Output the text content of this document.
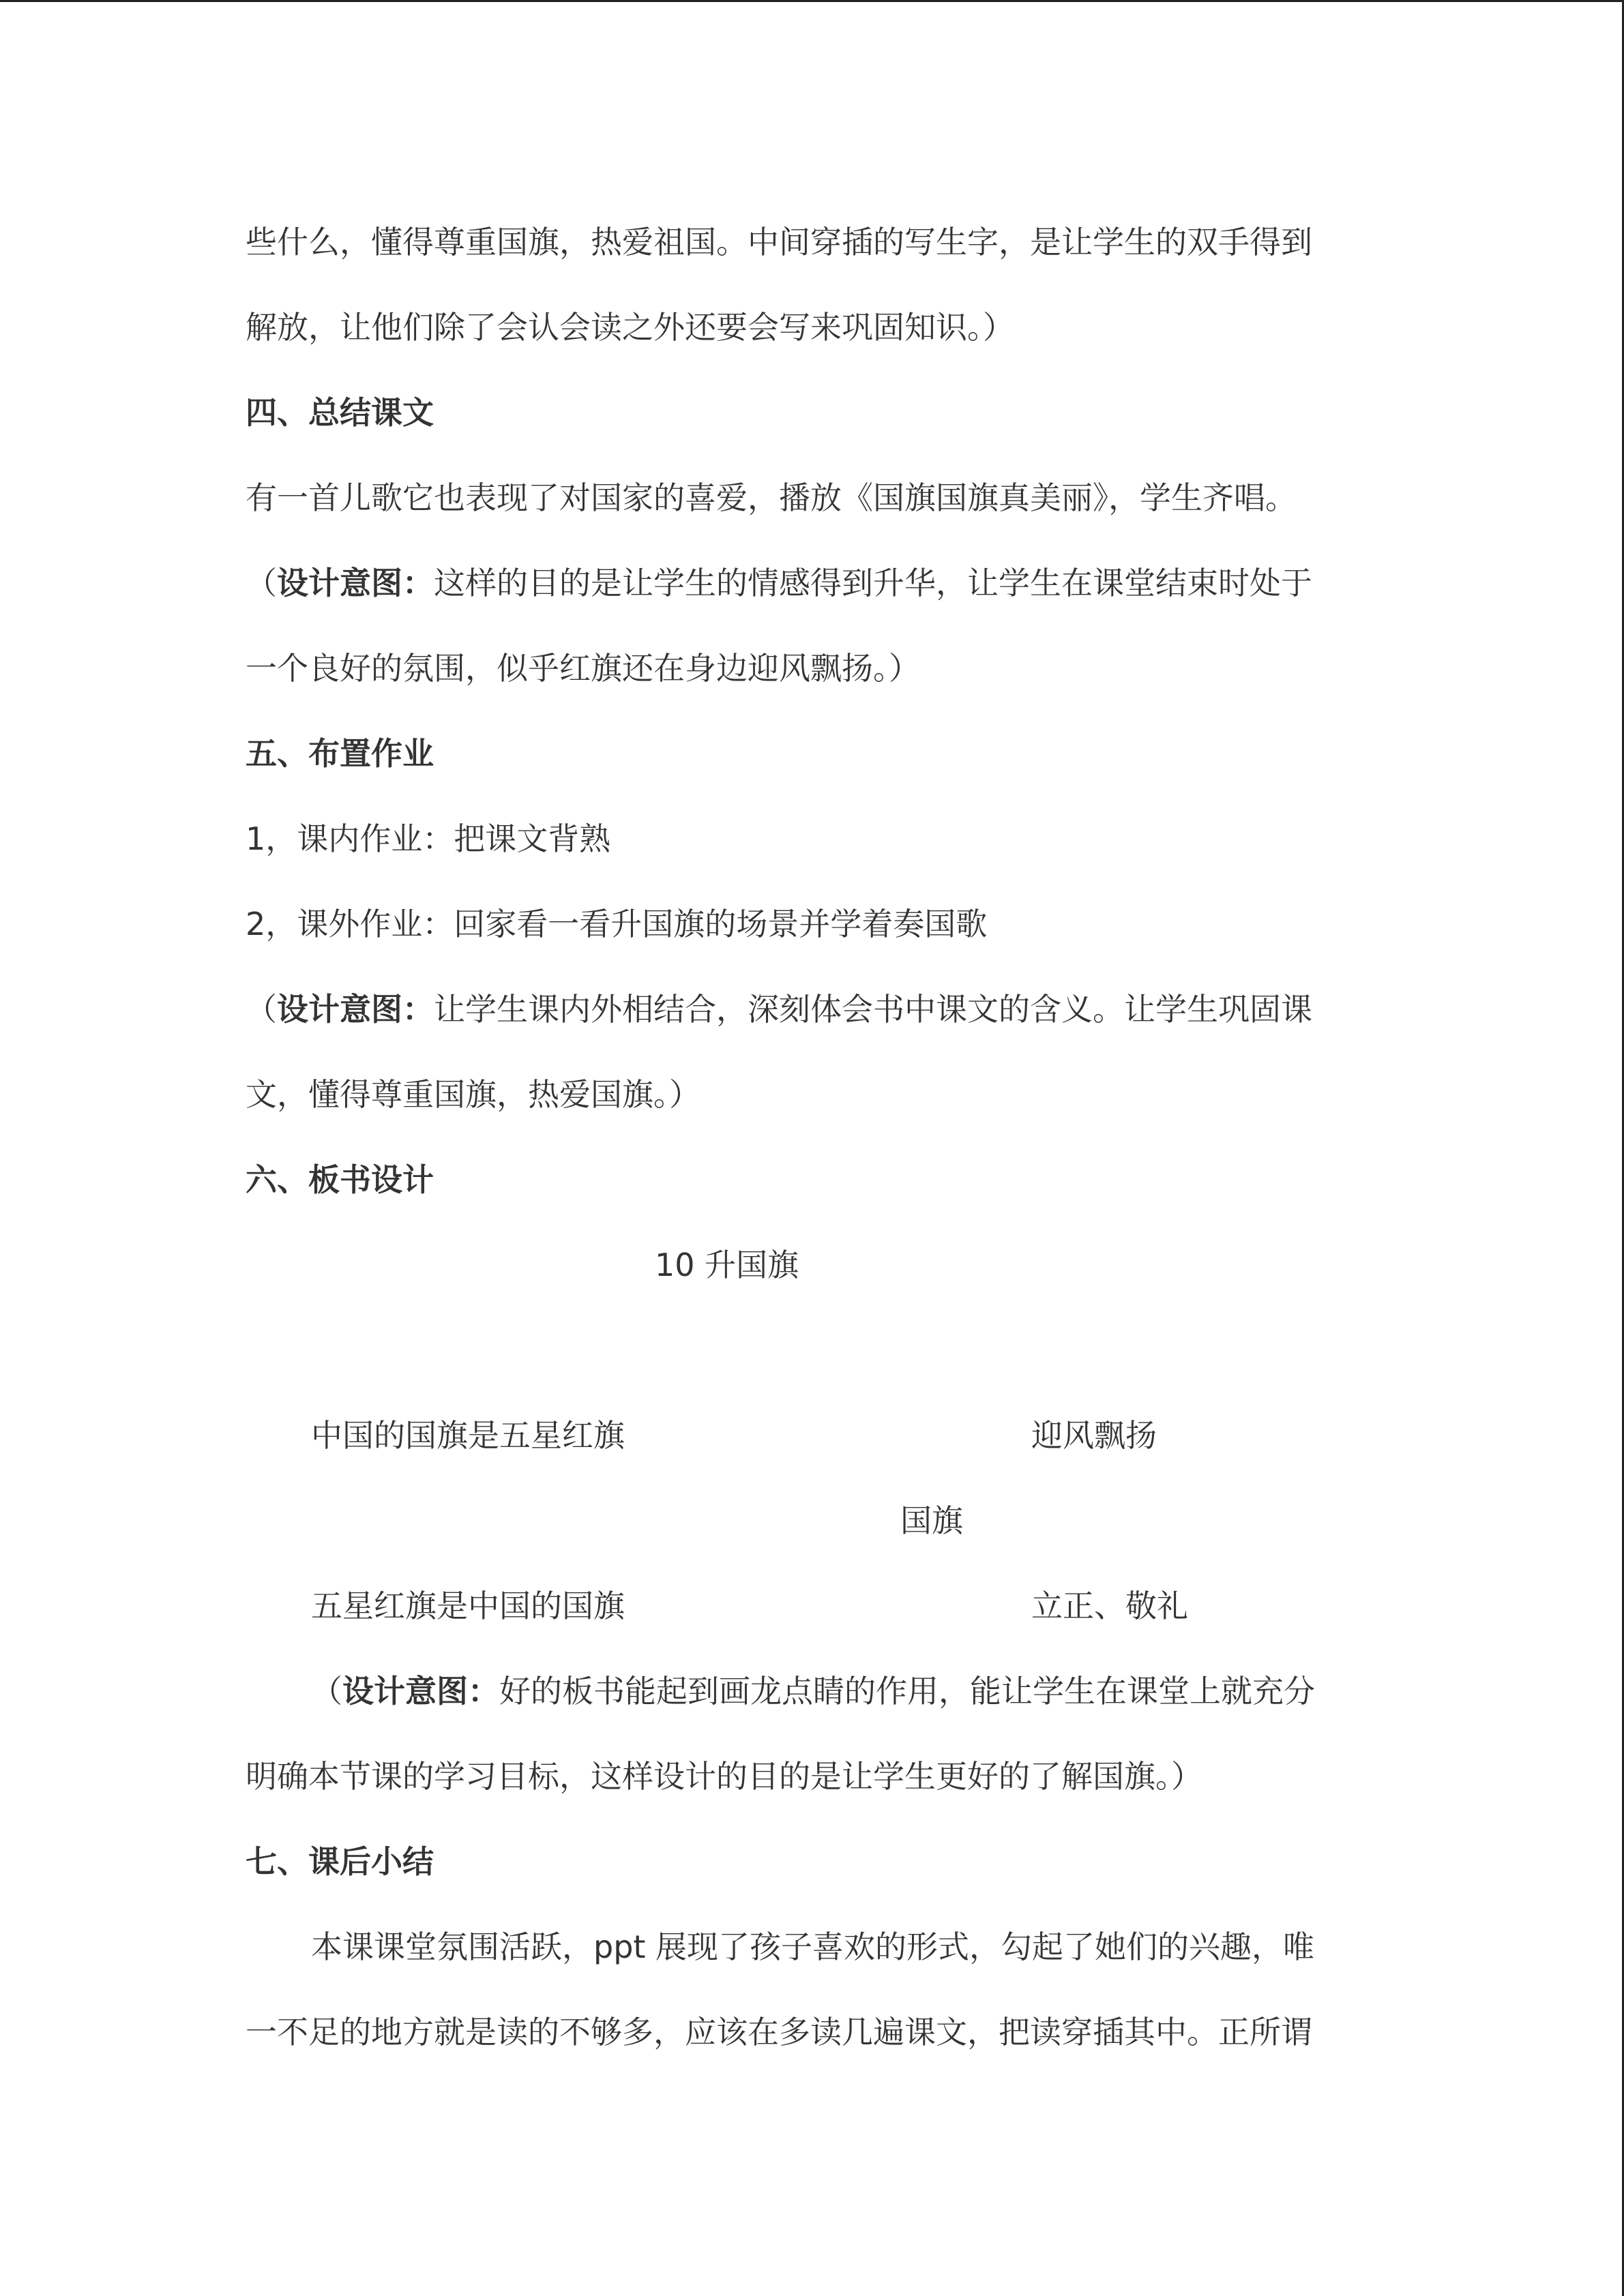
些什么，懂得尊重国旗，热爱祖国。中间穿插的写生字，是让学生的双手得到
解放，让他们除了会认会读之外还要会写来巩固知识。）
四、总结课文
有一首儿歌它也表现了对国家的喜爱，播放《国旗国旗真美丽》，学生齐唱。
（设计意图：这样的目的是让学生的情感得到升华，让学生在课堂结束时处于
一个良好的氛围，似乎红旗还在身边迎风飘扬。）
五、布置作业
1，课内作业：把课文背熟
2，课外作业：回家看一看升国旗的场景并学着奏国歌
（设计意图：让学生课内外相结合，深刻体会书中课文的含义。让学生巩固课
文，懂得尊重国旗，热爱国旗。）
六、板书设计
10 升国旗
中国的国旗是五星红旗	迎风飘扬
国旗
五星红旗是中国的国旗	立正、敬礼
（设计意图：好的板书能起到画龙点睛的作用，能让学生在课堂上就充分
明确本节课的学习目标，这样设计的目的是让学生更好的了解国旗。）
七、课后小结
本课课堂氛围活跃，ppt 展现了孩子喜欢的形式，勾起了她们的兴趣，唯
一不足的地方就是读的不够多，应该在多读几遍课文，把读穿插其中。正所谓
